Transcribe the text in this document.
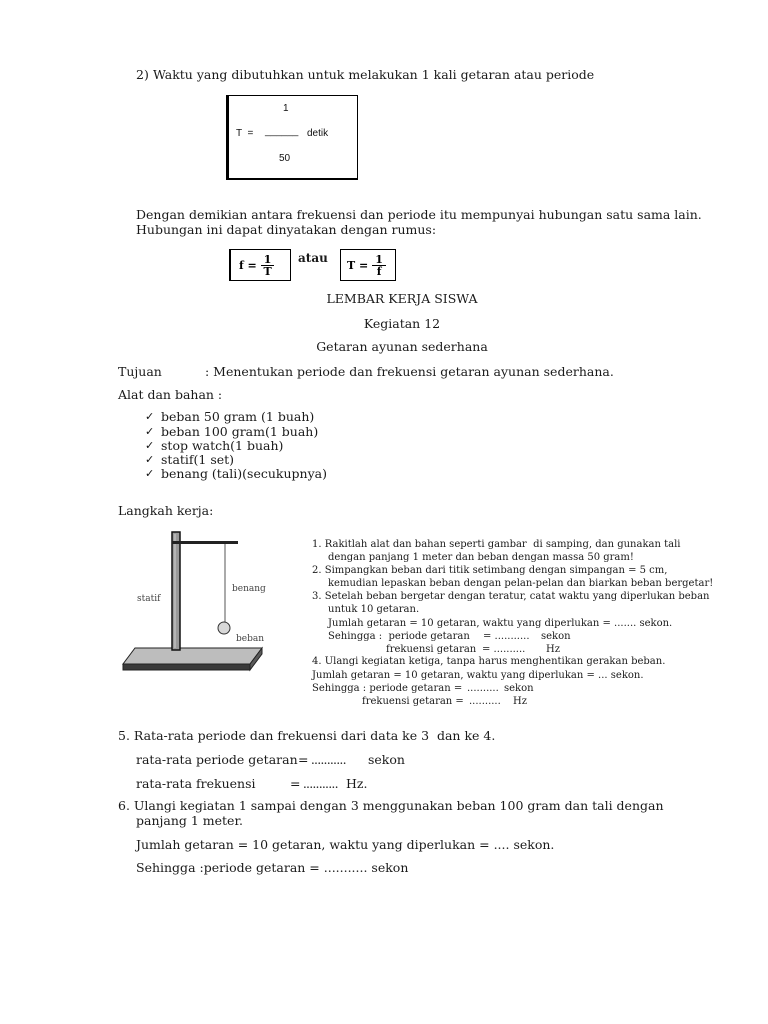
2) Waktu yang dibutuhkan untuk melakukan 1 kali getaran atau periode
1
T  = ______ detik
50
Dengan demikian antara frekuensi dan periode itu mempunyai hubungan satu sama lain.
Hubungan ini dapat dinyatakan dengan rumus:
$f = \frac{1}{T}$ atau $T = \frac{1}{f}$
LEMBAR KERJA SISWA
Kegiatan 12
Getaran ayunan sederhana
Tujuan	: Menentukan periode dan frekuensi getaran ayunan sederhana.
Alat dan bahan :
✓
beban 50 gram (1 buah)
✓
beban 100 gram(1 buah)
✓
stop watch(1 buah)
✓
statif(1 set)
✓
benang (tali)(secukupnya)
Langkah kerja:
statif
benang
beban
1. Rakitlah alat dan bahan seperti gambar  di samping, dan gunakan tali
dengan panjang 1 meter dan beban dengan massa 50 gram!
2. Simpangkan beban dari titik setimbang dengan simpangan = 5 cm,
kemudian lepaskan beban dengan pelan-pelan dan biarkan beban bergetar!
3. Setelah beban bergetar dengan teratur, catat waktu yang diperlukan beban
untuk 10 getaran.
Jumlah getaran = 10 getaran, waktu yang diperlukan = ....... sekon.
Sehingga :  periode getaran = ........... sekon
frekuensi getaran = .......... Hz
4. Ulangi kegiatan ketiga, tanpa harus menghentikan gerakan beban.
Jumlah getaran = 10 getaran, waktu yang diperlukan = ... sekon.
Sehingga : periode getaran = .......... sekon
frekuensi getaran = .......... Hz
5. Rata-rata periode dan frekuensi dari data ke 3  dan ke 4.
rata-rata periode getaran = ........... sekon
rata-rata frekuensi	= ........... Hz.
6. Ulangi kegiatan 1 sampai dengan 3 menggunakan beban 100 gram dan tali dengan
panjang 1 meter.
Jumlah getaran = 10 getaran, waktu yang diperlukan = .... sekon.
Sehingga :periode getaran = ........... sekon
